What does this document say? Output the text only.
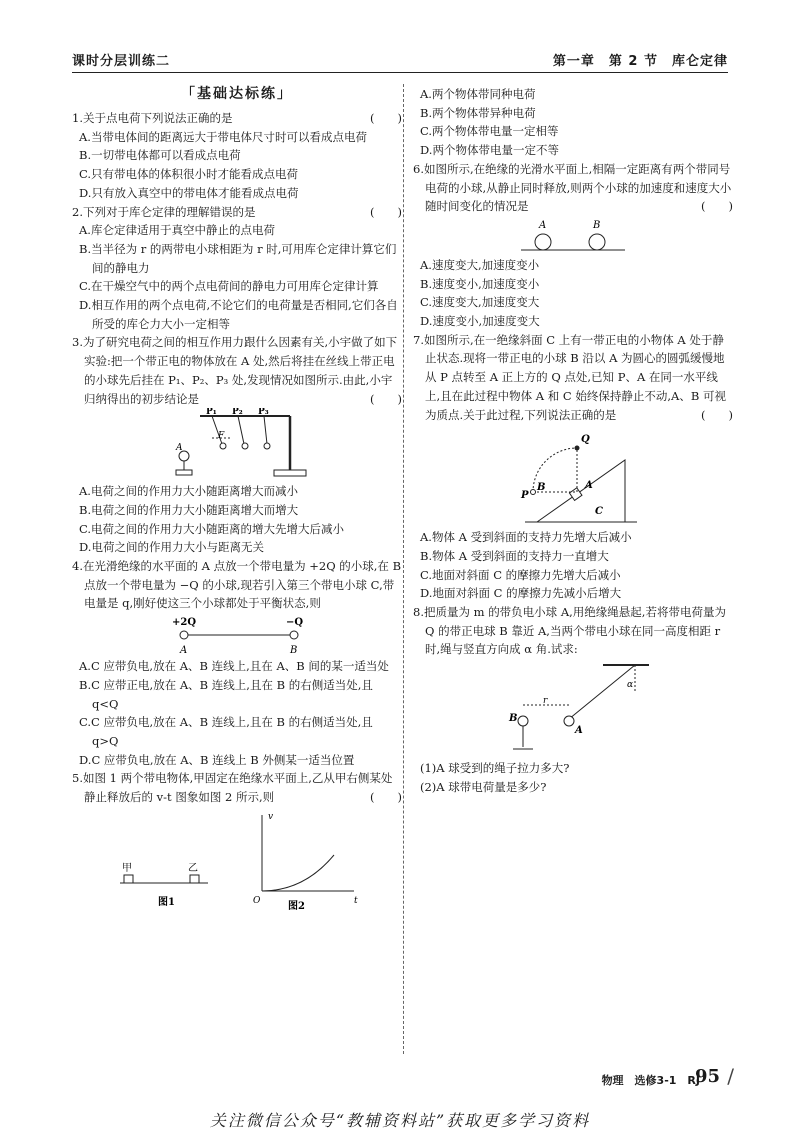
课时分层训练二	第一章　第 2 节　库仑定律
「基础达标练」
1.关于点电荷下列说法正确的是	(　　)
A.当带电体间的距离远大于带电体尺寸时可以看成点电荷
B.一切带电体都可以看成点电荷
C.只有带电体的体积很小时才能看成点电荷
D.只有放入真空中的带电体才能看成点电荷
2.下列对于库仑定律的理解错误的是	(　　)
A.库仑定律适用于真空中静止的点电荷
B.当半径为 r 的两带电小球相距为 r 时,可用库仑定律计算它们间的静电力
C.在干燥空气中的两个点电荷间的静电力可用库仑定律计算
D.相互作用的两个点电荷,不论它们的电荷量是否相同,它们各自所受的库仑力大小一定相等
3.为了研究电荷之间的相互作用力跟什么因素有关,小宇做了如下实验:把一个带正电的物体放在 A 处,然后将挂在丝线上带正电的小球先后挂在 P₁、P₂、P₃ 处,发现情况如图所示.由此,小宇归纳得出的初步结论是	(　　)
P₁ P₂ P₃
F
A
A.电荷之间的作用力大小随距离增大而减小
B.电荷之间的作用力大小随距离增大而增大
C.电荷之间的作用力大小随距离的增大先增大后减小
D.电荷之间的作用力大小与距离无关
4.在光滑绝缘的水平面的 A 点放一个带电量为 +2Q 的小球,在 B 点放一个带电量为 −Q 的小球,现若引入第三个带电小球 C,带电量是 q,刚好使这三个小球都处于平衡状态,则
+2Q	−Q
A	B
A.C 应带负电,放在 A、B 连线上,且在 A、B 间的某一适当处
B.C 应带正电,放在 A、B 连线上,且在 B 的右侧适当处,且 q<Q
C.C 应带负电,放在 A、B 连线上,且在 B 的右侧适当处,且 q>Q
D.C 应带负电,放在 A、B 连线上 B 外侧某一适当位置
5.如图 1 两个带电物体,甲固定在绝缘水平面上,乙从甲右侧某处静止释放后的 v-t 图象如图 2 所示,则	(　　)
甲	乙
图1
v
t
O	图2
A.两个物体带同种电荷
B.两个物体带异种电荷
C.两个物体带电量一定相等
D.两个物体带电量一定不等
6.如图所示,在绝缘的光滑水平面上,相隔一定距离有两个带同号电荷的小球,从静止同时释放,则两个小球的加速度和速度大小随时间变化的情况是	(　　)
A	B
A.速度变大,加速度变小
B.速度变小,加速度变小
C.速度变大,加速度变大
D.速度变小,加速度变大
7.如图所示,在一绝缘斜面 C 上有一带正电的小物体 A 处于静止状态.现将一带正电的小球 B 沿以 A 为圆心的圆弧缓慢地从 P 点转至 A 正上方的 Q 点处,已知 P、A 在同一水平线上,且在此过程中物体 A 和 C 始终保持静止不动,A、B 可视为质点.关于此过程,下列说法正确的是	(　　)
Q
P
B	A
C
A.物体 A 受到斜面的支持力先增大后减小
B.物体 A 受到斜面的支持力一直增大
C.地面对斜面 C 的摩擦力先增大后减小
D.地面对斜面 C 的摩擦力先减小后增大
8.把质量为 m 的带负电小球 A,用绝缘绳悬起,若将带电荷量为 Q 的带正电球 B 靠近 A,当两个带电小球在同一高度相距 r 时,绳与竖直方向成 α 角.试求:
B
A
r
α
(1)A 球受到的绳子拉力多大?
(2)A 球带电荷量是多少?
物理　选修3-1　RJ
95 /
关注微信公众号“教辅资料站”获取更多学习资料
